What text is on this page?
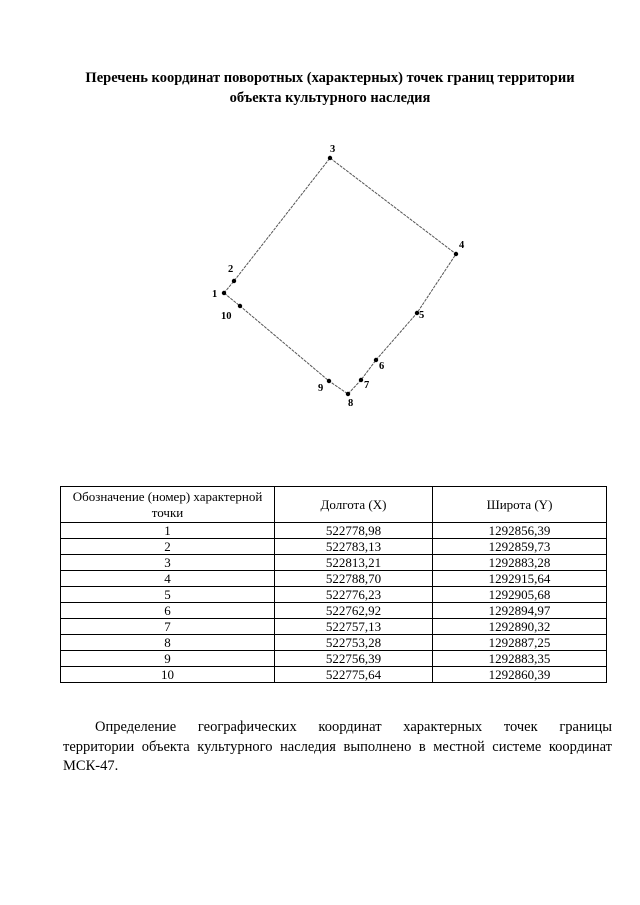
Перечень координат поворотных (характерных) точек границ территории
объекта культурного наследия
1
2
3
4
5
6
7
8
9
10
Обозначение (номер) характерной точки	Долгота (X)	Широта (Y)
1	522778,98	1292856,39
2	522783,13	1292859,73
3	522813,21	1292883,28
4	522788,70	1292915,64
5	522776,23	1292905,68
6	522762,92	1292894,97
7	522757,13	1292890,32
8	522753,28	1292887,25
9	522756,39	1292883,35
10	522775,64	1292860,39
Определение географических координат характерных точек границы
территории объекта культурного наследия выполнено в местной системе координат МСК-47.
